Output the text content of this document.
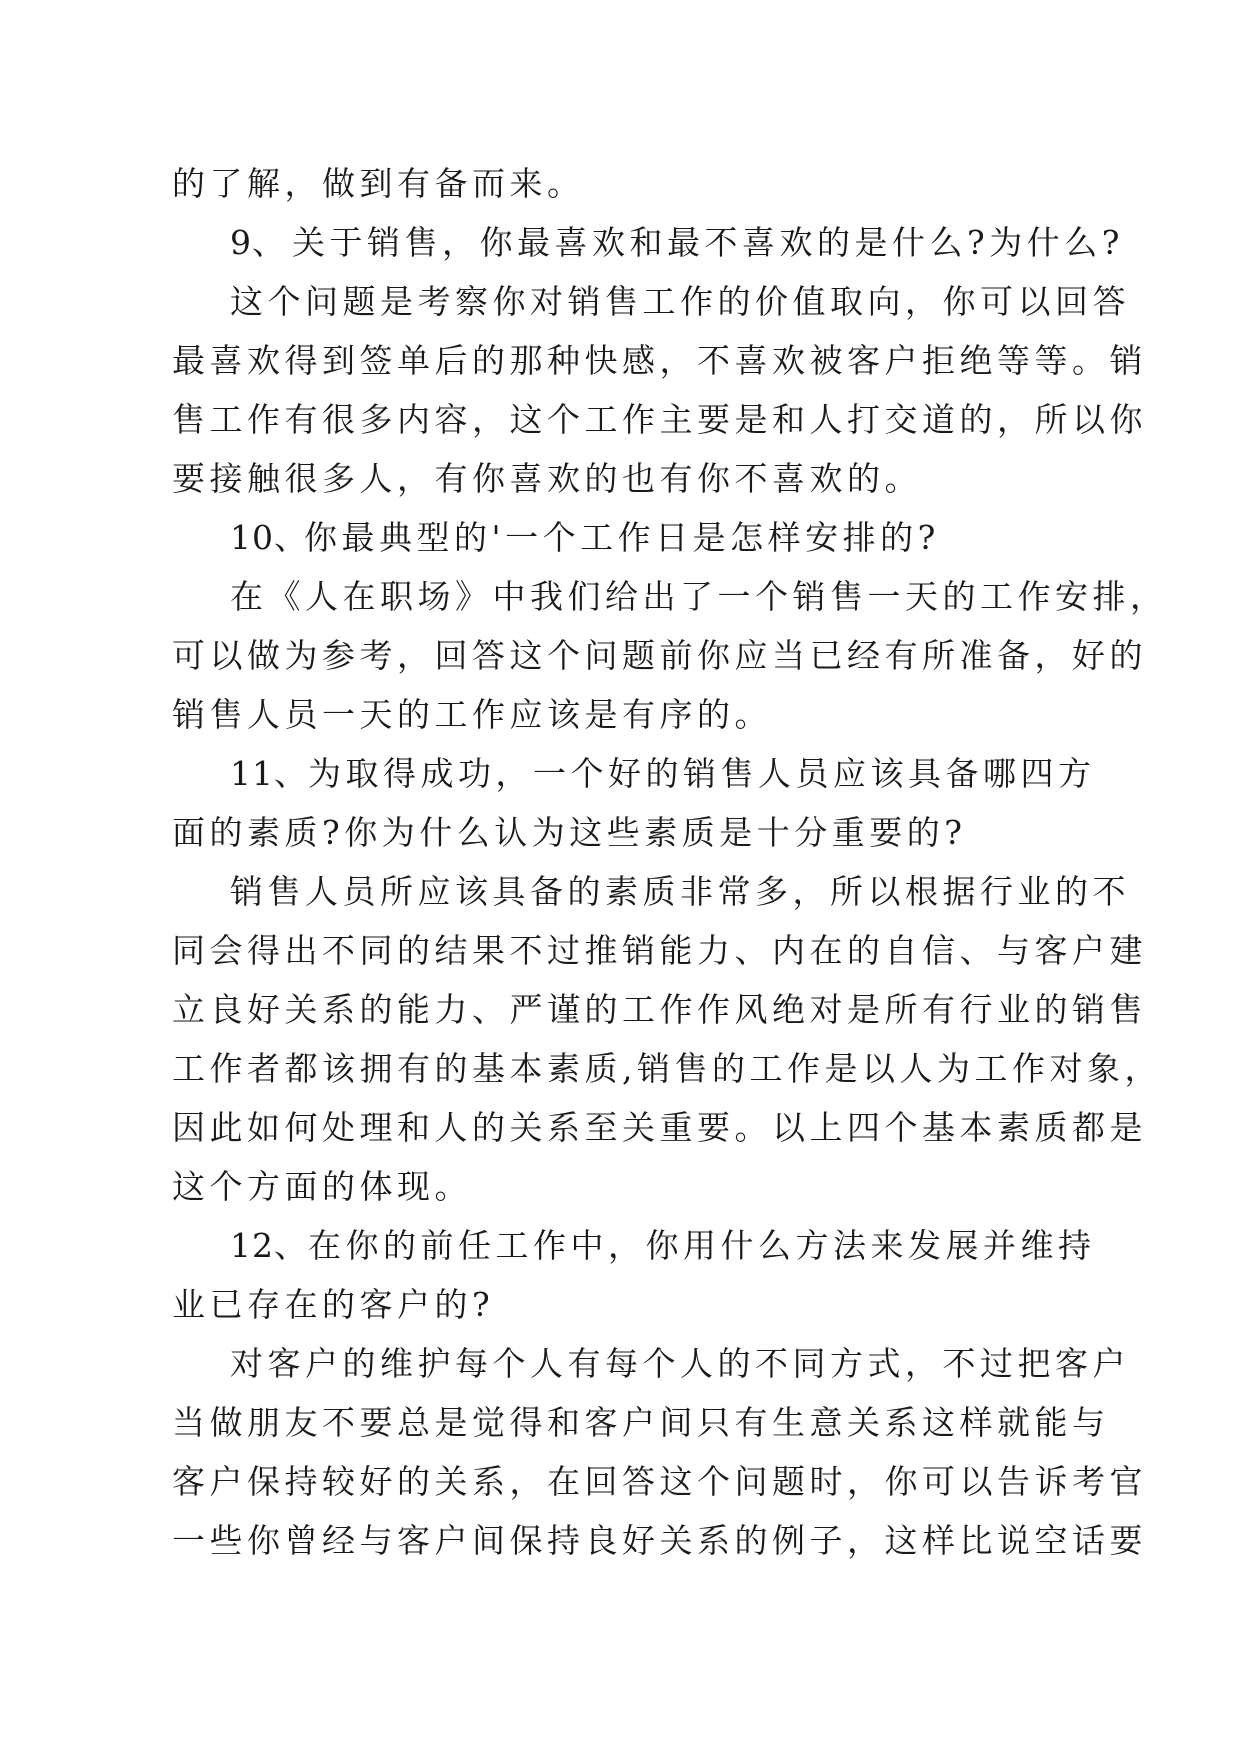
的了解，做到有备而来。
9、 关于销售，你最喜欢和最不喜欢的是什么?为什么?
这个问题是考察你对销售工作的价值取向，你可以回答
最喜欢得到签单后的那种快感，不喜欢被客户拒绝等等。销
售工作有很多内容，这个工作主要是和人打交道的，所以你
要接触很多人，有你喜欢的也有你不喜欢的。
10、
你最典型的'一个工作日是怎样安排的?
在《人在职场》中我们给出了一个销售一天的工作安排，
可以做为参考，回答这个问题前你应当已经有所准备，好的
销售人员一天的工作应该是有序的。
11、 为取得成功，一个好的销售人员应该具备哪四方
面的素质?你为什么认为这些素质是十分重要的?
销售人员所应该具备的素质非常多，所以根据行业的不
同会得出不同的结果不过推销能力、内在的自信、与客户建
立良好关系的能力、严谨的工作作风绝对是所有行业的销售
工作者都该拥有的基本素质,销售的工作是以人为工作对象，
因此如何处理和人的关系至关重要。以上四个基本素质都是
这个方面的体现。
12、 在你的前任工作中，你用什么方法来发展并维持
业已存在的客户的?
对客户的维护每个人有每个人的不同方式，不过把客户
当做朋友不要总是觉得和客户间只有生意关系这样就能与
客户保持较好的关系，在回答这个问题时，你可以告诉考官
一些你曾经与客户间保持良好关系的例子，这样比说空话要
